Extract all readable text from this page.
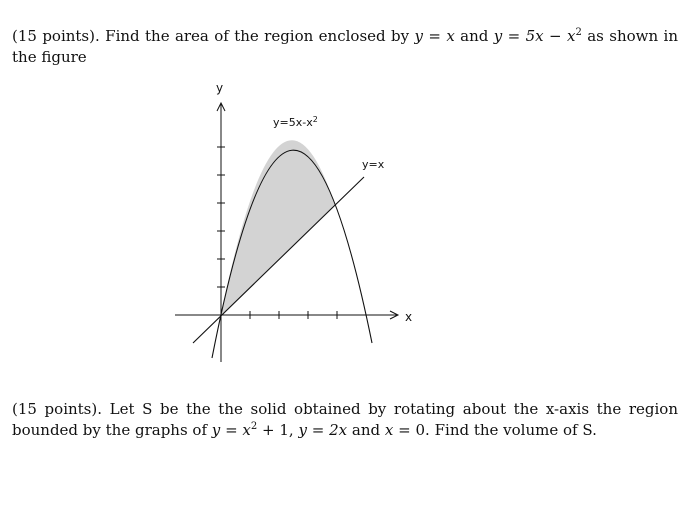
(15 points). Find the area of the region enclosed by y = x and $y = 5x - x^2$ as shown in the figure
y
x
$y=5x-x^2$
y=x
(15 points). Let S be the the solid obtained by rotating about the x-axis the region bounded by the graphs of $y = x^2 + 1$, y = 2x and x = 0. Find the volume of S.
